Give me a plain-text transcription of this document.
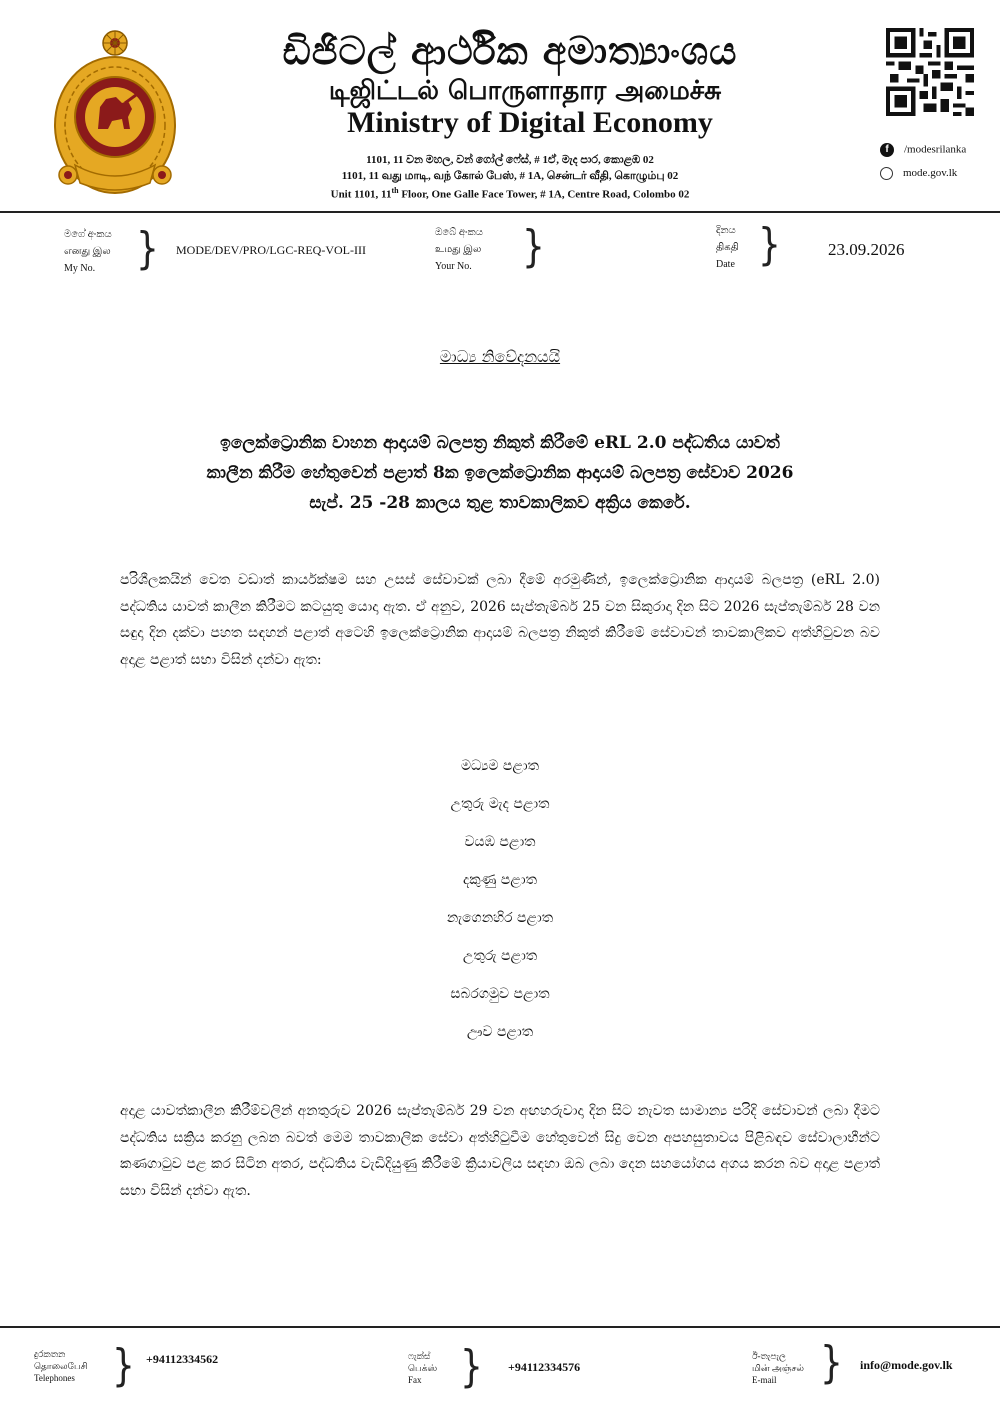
ඩිජිටල් ආර්ථික අමාත්‍යාංශය
டிஜிட்டல் பொருளாதார அமைச்சு
Ministry of Digital Economy
1101, 11 වන මහල, වන් ගෝල් ෆේස්, # 1ඒ, මැද පාර, කොළඹ 02
1101, 11 வது மாடி, வந் கோல் பேஸ், # 1A, சென்டர் வீதி, கொழும்பு 02
Unit 1101, 11th Floor, One Galle Face Tower, # 1A, Centre Road, Colombo 02
f /modesrilanka
mode.gov.lk
මගේ අංකය
எனது இல
My No.	} MODE/DEV/PRO/LGC-REQ-VOL-III
ඔබේ අංකය
உமது இல
Your No.	}	දිනය
திகதி
Date }	23.09.2026
මාධ්‍ය නිවේදනයයි
ඉලෙක්ට්‍රොනික වාහන ආදායම් බලපත්‍ර නිකුත් කිරීමේ eRL 2.0 පද්ධතිය යාවත්
කාලීන කිරීම හේතුවෙන් පළාත් 8ක ඉලෙක්ට්‍රොනික ආදායම් බලපත්‍ර සේවාව 2026
සැප්. 25 -28 කාලය තුළ තාවකාලිකව අක්‍රිය කෙරේ.
පරිශීලකයින් වෙත වඩාත් කාර්යක්ෂම සහ උසස් සේවාවක් ලබා දීමේ අරමුණින්, ඉලෙක්ට්‍රොනික ආදායම් බලපත්‍ර (eRL 2.0) පද්ධතිය යාවත් කාලීන කිරීමට කටයුතු යොදා ඇත. ඒ අනුව, 2026 සැප්තැම්බර් 25 වන සිකුරාදා දින සිට 2026 සැප්තැම්බර් 28 වන සඳුදා දින දක්වා පහත සඳහන් පළාත් අටෙහි ඉලෙක්ට්‍රොනික ආදායම් බලපත්‍ර නිකුත් කිරීමේ සේවාවන් තාවකාලිකව අත්හිටුවන බව අදාළ පළාත් සභා විසින් දන්වා ඇත:
මධ්‍යම පළාත
උතුරු මැද පළාත
වයඹ පළාත
දකුණු පළාත
නැගෙනහිර පළාත
උතුරු පළාත
සබරගමුව පළාත
ඌව පළාත
අදාළ යාවත්කාලීන කිරීම්වලින් අනතුරුව 2026 සැප්තැම්බර් 29 වන අඟහරුවාදා දින සිට නැවත සාමාන්‍ය පරිදි සේවාවන් ලබා දීමට පද්ධතිය සක්‍රිය කරනු ලබන බවත් මෙම තාවකාලික සේවා අත්හිටුවීම හේතුවෙන් සිදු වෙන අපහසුතාවය පිළිබඳව සේවාලාභීන්ට කණගාටුව පළ කර සිටින අතර, පද්ධතිය වැඩිදියුණු කිරීමේ ක්‍රියාවලිය සඳහා ඔබ ලබා දෙන සහයෝගය අගය කරන බව අදාළ පළාත් සභා විසින් දන්වා ඇත.
දුරකතන
தொலைபேசி
Telephones	} +94112334562	ෆැක්ස්
பெக்ஸ்
Fax	} +94112334576
ඊ-තැපැල
மின் அஞ்சல்
E-mail	} info@mode.gov.lk
